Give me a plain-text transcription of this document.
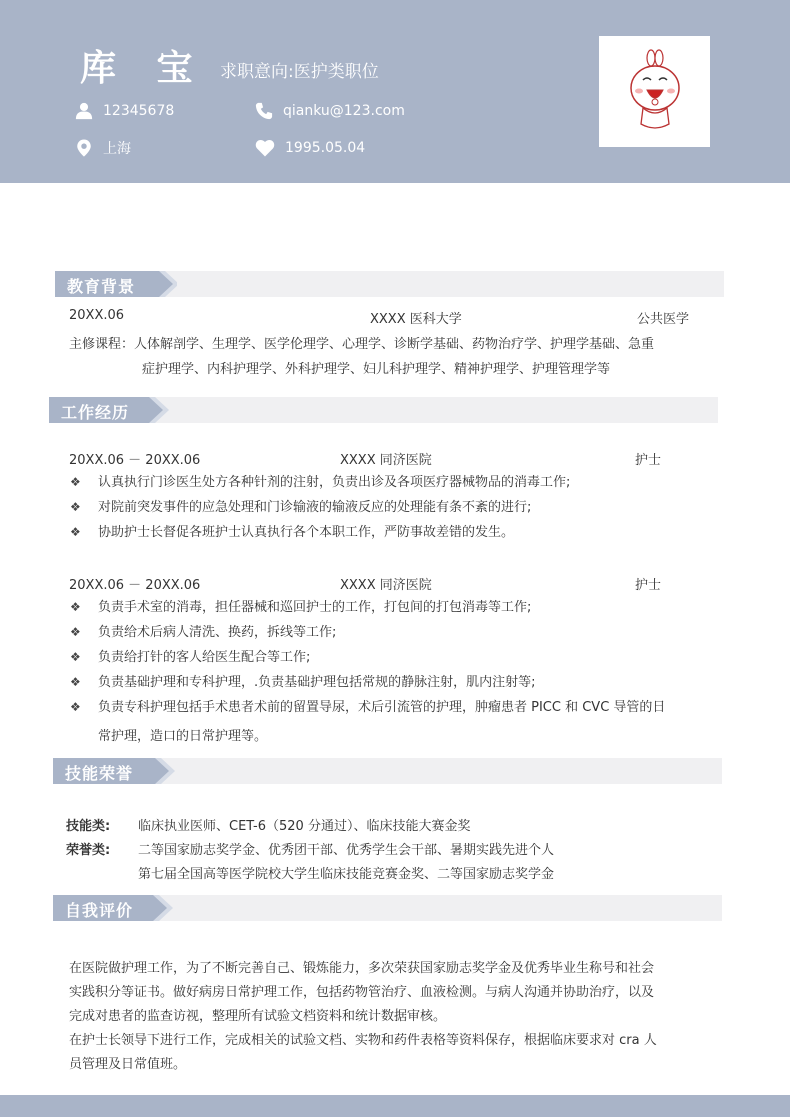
库 宝 求职意向:医护类职位
12345678	qianku@123.com
上海	1995.05.04
教育背景
20XX.06	XXXX 医科大学	公共医学
主修课程：人体解剖学、生理学、医学伦理学、心理学、诊断学基础、药物治疗学、护理学基础、急重
症护理学、内科护理学、外科护理学、妇儿科护理学、精神护理学、护理管理学等
工作经历
20XX.06 － 20XX.06	XXXX 同济医院	护士
❖ 认真执行门诊医生处方各种针剂的注射，负责出诊及各项医疗器械物品的消毒工作;
❖ 对院前突发事件的应急处理和门诊输液的输液反应的处理能有条不紊的进行;
❖ 协助护士长督促各班护士认真执行各个本职工作，严防事故差错的发生。
20XX.06 － 20XX.06	XXXX 同济医院	护士
❖ 负责手术室的消毒，担任器械和巡回护士的工作，打包间的打包消毒等工作;
❖ 负责给术后病人清洗、换药，拆线等工作;
❖ 负责给打针的客人给医生配合等工作;
❖ 负责基础护理和专科护理，.负责基础护理包括常规的静脉注射，肌内注射等;
❖ 负责专科护理包括手术患者术前的留置导尿，术后引流管的护理，肿瘤患者 PICC 和 CVC 导管的日
常护理，造口的日常护理等。
技能荣誉
技能类: 临床执业医师、CET-6（520 分通过）、临床技能大赛金奖
荣誉类: 二等国家励志奖学金、优秀团干部、优秀学生会干部、暑期实践先进个人
第七届全国高等医学院校大学生临床技能竞赛金奖、二等国家励志奖学金
自我评价
在医院做护理工作，为了不断完善自己、锻炼能力，多次荣获国家励志奖学金及优秀毕业生称号和社会
实践积分等证书。做好病房日常护理工作，包括药物管治疗、血液检测。与病人沟通并协助治疗，以及
完成对患者的监查访视，整理所有试验文档资料和统计数据审核。
在护士长领导下进行工作，完成相关的试验文档、实物和药件表格等资料保存，根据临床要求对 cra 人
员管理及日常值班。
